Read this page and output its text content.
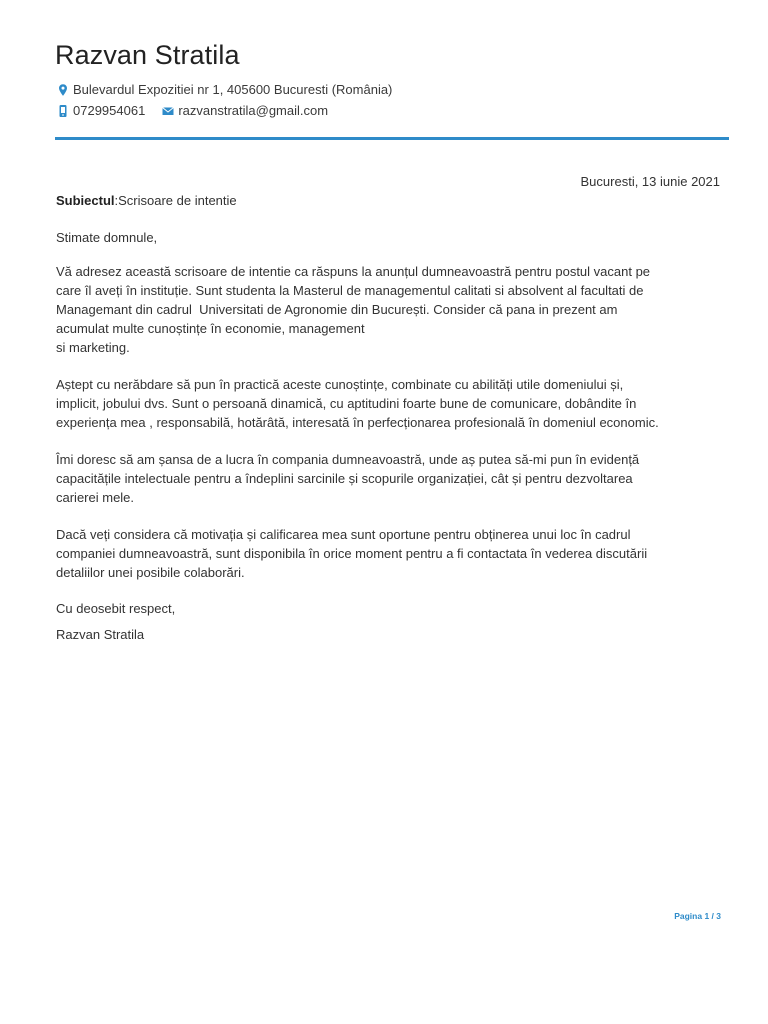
Razvan Stratila
Bulevardul Expozitiei nr 1, 405600 Bucuresti (România)
0729954061	razvanstratila@gmail.com
Bucuresti, 13 iunie 2021
Subiectul:Scrisoare de intentie

Stimate domnule,

Vă adresez această scrisoare de intentie ca răspuns la anunțul dumneavoastră pentru postul vacant pe
care îl aveți în instituție. Sunt studenta la Masterul de managementul calitati si absolvent al facultati de
Managemant din cadrul  Universitati de Agronomie din București. Consider că pana in prezent am
acumulat multe cunoștințe în economie, management
si marketing.

Aștept cu nerăbdare să pun în practică aceste cunoștințe, combinate cu abilități utile domeniului și,
implicit, jobului dvs. Sunt o persoană dinamică, cu aptitudini foarte bune de comunicare, dobândite în
experiența mea , responsabilă, hotărâtă, interesată în perfecționarea profesională în domeniul economic.

Îmi doresc să am șansa de a lucra în compania dumneavoastră, unde aș putea să-mi pun în evidență
capacitățile intelectuale pentru a îndeplini sarcinile și scopurile organizației, cât și pentru dezvoltarea
carierei mele.

Dacă veți considera că motivația și calificarea mea sunt oportune pentru obținerea unui loc în cadrul
companiei dumneavoastră, sunt disponibila în orice moment pentru a fi contactata în vederea discutării
detaliilor unei posibile colaborări.

Cu deosebit respect,

Razvan Stratila

Pagina 1 / 3
